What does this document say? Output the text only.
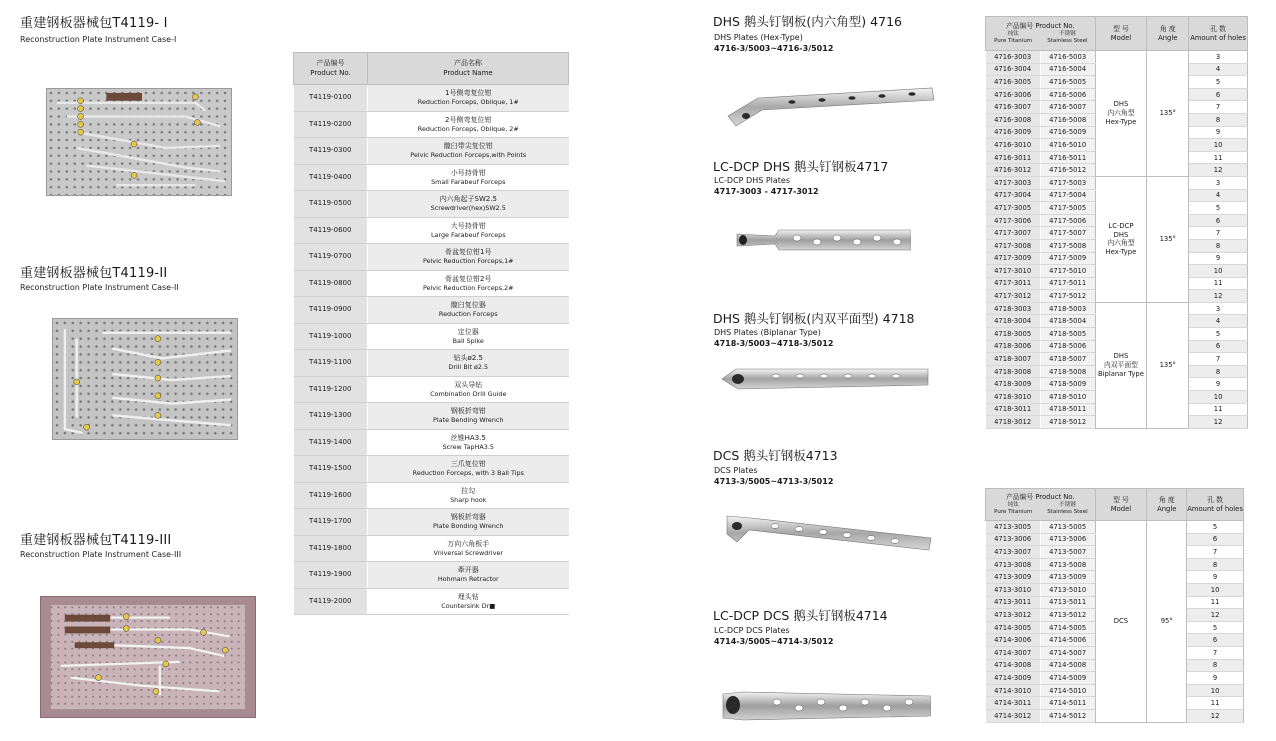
重建钢板器械包T4119- I
Reconstruction Plate Instrument Case-I
重建钢板器械包T4119-II
Reconstruction Plate Instrument Case-II
重建钢板器械包T4119-III
Reconstruction Plate Instrument Case-III
产品编号
Product No.	产品名称
Product Name
T4119-0100	1号侧弯复位钳
Reduction Forceps, Oblique, 1#

T4119-0200	2号侧弯复位钳
Reduction Forceps, Oblique, 2#

T4119-0300	髋臼带尖复位钳
Pelvic Reduction Forceps,with Points

T4119-0400	小号持骨钳
Small Farabeuf Forceps

T4119-0500	内六角起子SW2.5
Screwdriver(hex)SW2.5

T4119-0600	大号持骨钳
Large Farabeuf Forceps

T4119-0700	骨盆复位钳1号
Pelvic Reduction Forceps,1#

T4119-0800	骨盆复位钳2号
Pelvic Reduction Forceps,2#

T4119-0900	髋臼复位器
Reduction Forceps

T4119-1000	定位器
Ball Spike

T4119-1100	钻头ø2.5
Drill Bit ø2.5

T4119-1200	双头导钻
Combination Drill Guide

T4119-1300	钢板折弯钳
Plate Bending Wrench

T4119-1400	丝锥HA3.5
Screw TapHA3.5

T4119-1500	三爪复位钳
Reduction Forceps, with 3 Ball Tips

T4119-1600	拉勾
Sharp hook

T4119-1700	钢板折弯器
Plate Bonding Wrench

T4119-1800	万向六角板手
Vniversal Screwdriver

T4119-1900	牽开器
Hohmam Retractor

T4119-2000	埋头钻
Countersink Dr■
DHS 鹅头钉钢板(内六角型) 4716
DHS Plates (Hex-Type)
4716-3/5003~4716-3/5012
LC-DCP DHS 鹅头钉钢板4717
LC-DCP DHS Plates
4717-3003 - 4717-3012
DHS 鹅头钉钢板(内双平面型) 4718
DHS Plates (Biplanar Type)
4718-3/5003~4718-3/5012
DCS 鹅头钉钢板4713
DCS Plates
4713-3/5005~4713-3/5012
LC-DCP DCS 鹅头钉钢板4714
LC-DCP DCS Plates
4714-3/5005~4714-3/5012
产品编号 Product No.
纯钛
Pure Titanium
不锈钢
Stainless Steel		型 号
Model	角 度
Angle	孔 数
Amount of holes
4716-3003	4716-5003	DHS
内六角型
Hex-Type	135°	3
4716-3004	4716-5004			4
4716-3005	4716-5005			5
4716-3006	4716-5006			6
4716-3007	4716-5007			7
4716-3008	4716-5008			8
4716-3009	4716-5009			9
4716-3010	4716-5010			10
4716-3011	4716-5011			11
4716-3012	4716-5012			12
4717-3003	4717-5003	LC-DCP
DHS
内六角型
Hex-Type	135°	3
4717-3004	4717-5004			4
4717-3005	4717-5005			5
4717-3006	4717-5006			6
4717-3007	4717-5007			7
4717-3008	4717-5008			8
4717-3009	4717-5009			9
4717-3010	4717-5010			10
4717-3011	4717-5011			11
4717-3012	4717-5012			12
4718-3003	4718-5003	DHS
内双平面型
Biplanar Type	135°	3
4718-3004	4718-5004			4
4718-3005	4718-5005			5
4718-3006	4718-5006			6
4718-3007	4718-5007			7
4718-3008	4718-5008			8
4718-3009	4718-5009			9
4718-3010	4718-5010			10
4718-3011	4718-5011			11
4718-3012	4718-5012			12
产品编号 Product No.
纯钛
Pure Titanium
不锈钢
Stainless Steel		型 号
Model	角 度
Angle	孔 数
Amount of holes
4713-3005	4713-5005	DCS	95°	5
4713-3006	4713-5006			6
4713-3007	4713-5007			7
4713-3008	4713-5008			8
4713-3009	4713-5009			9
4713-3010	4713-5010			10
4713-3011	4713-5011			11
4713-3012	4713-5012			12
4714-3005	4714-5005			5
4714-3006	4714-5006			6
4714-3007	4714-5007			7
4714-3008	4714-5008			8
4714-3009	4714-5009			9
4714-3010	4714-5010			10
4714-3011	4714-5011			11
4714-3012	4714-5012			12
